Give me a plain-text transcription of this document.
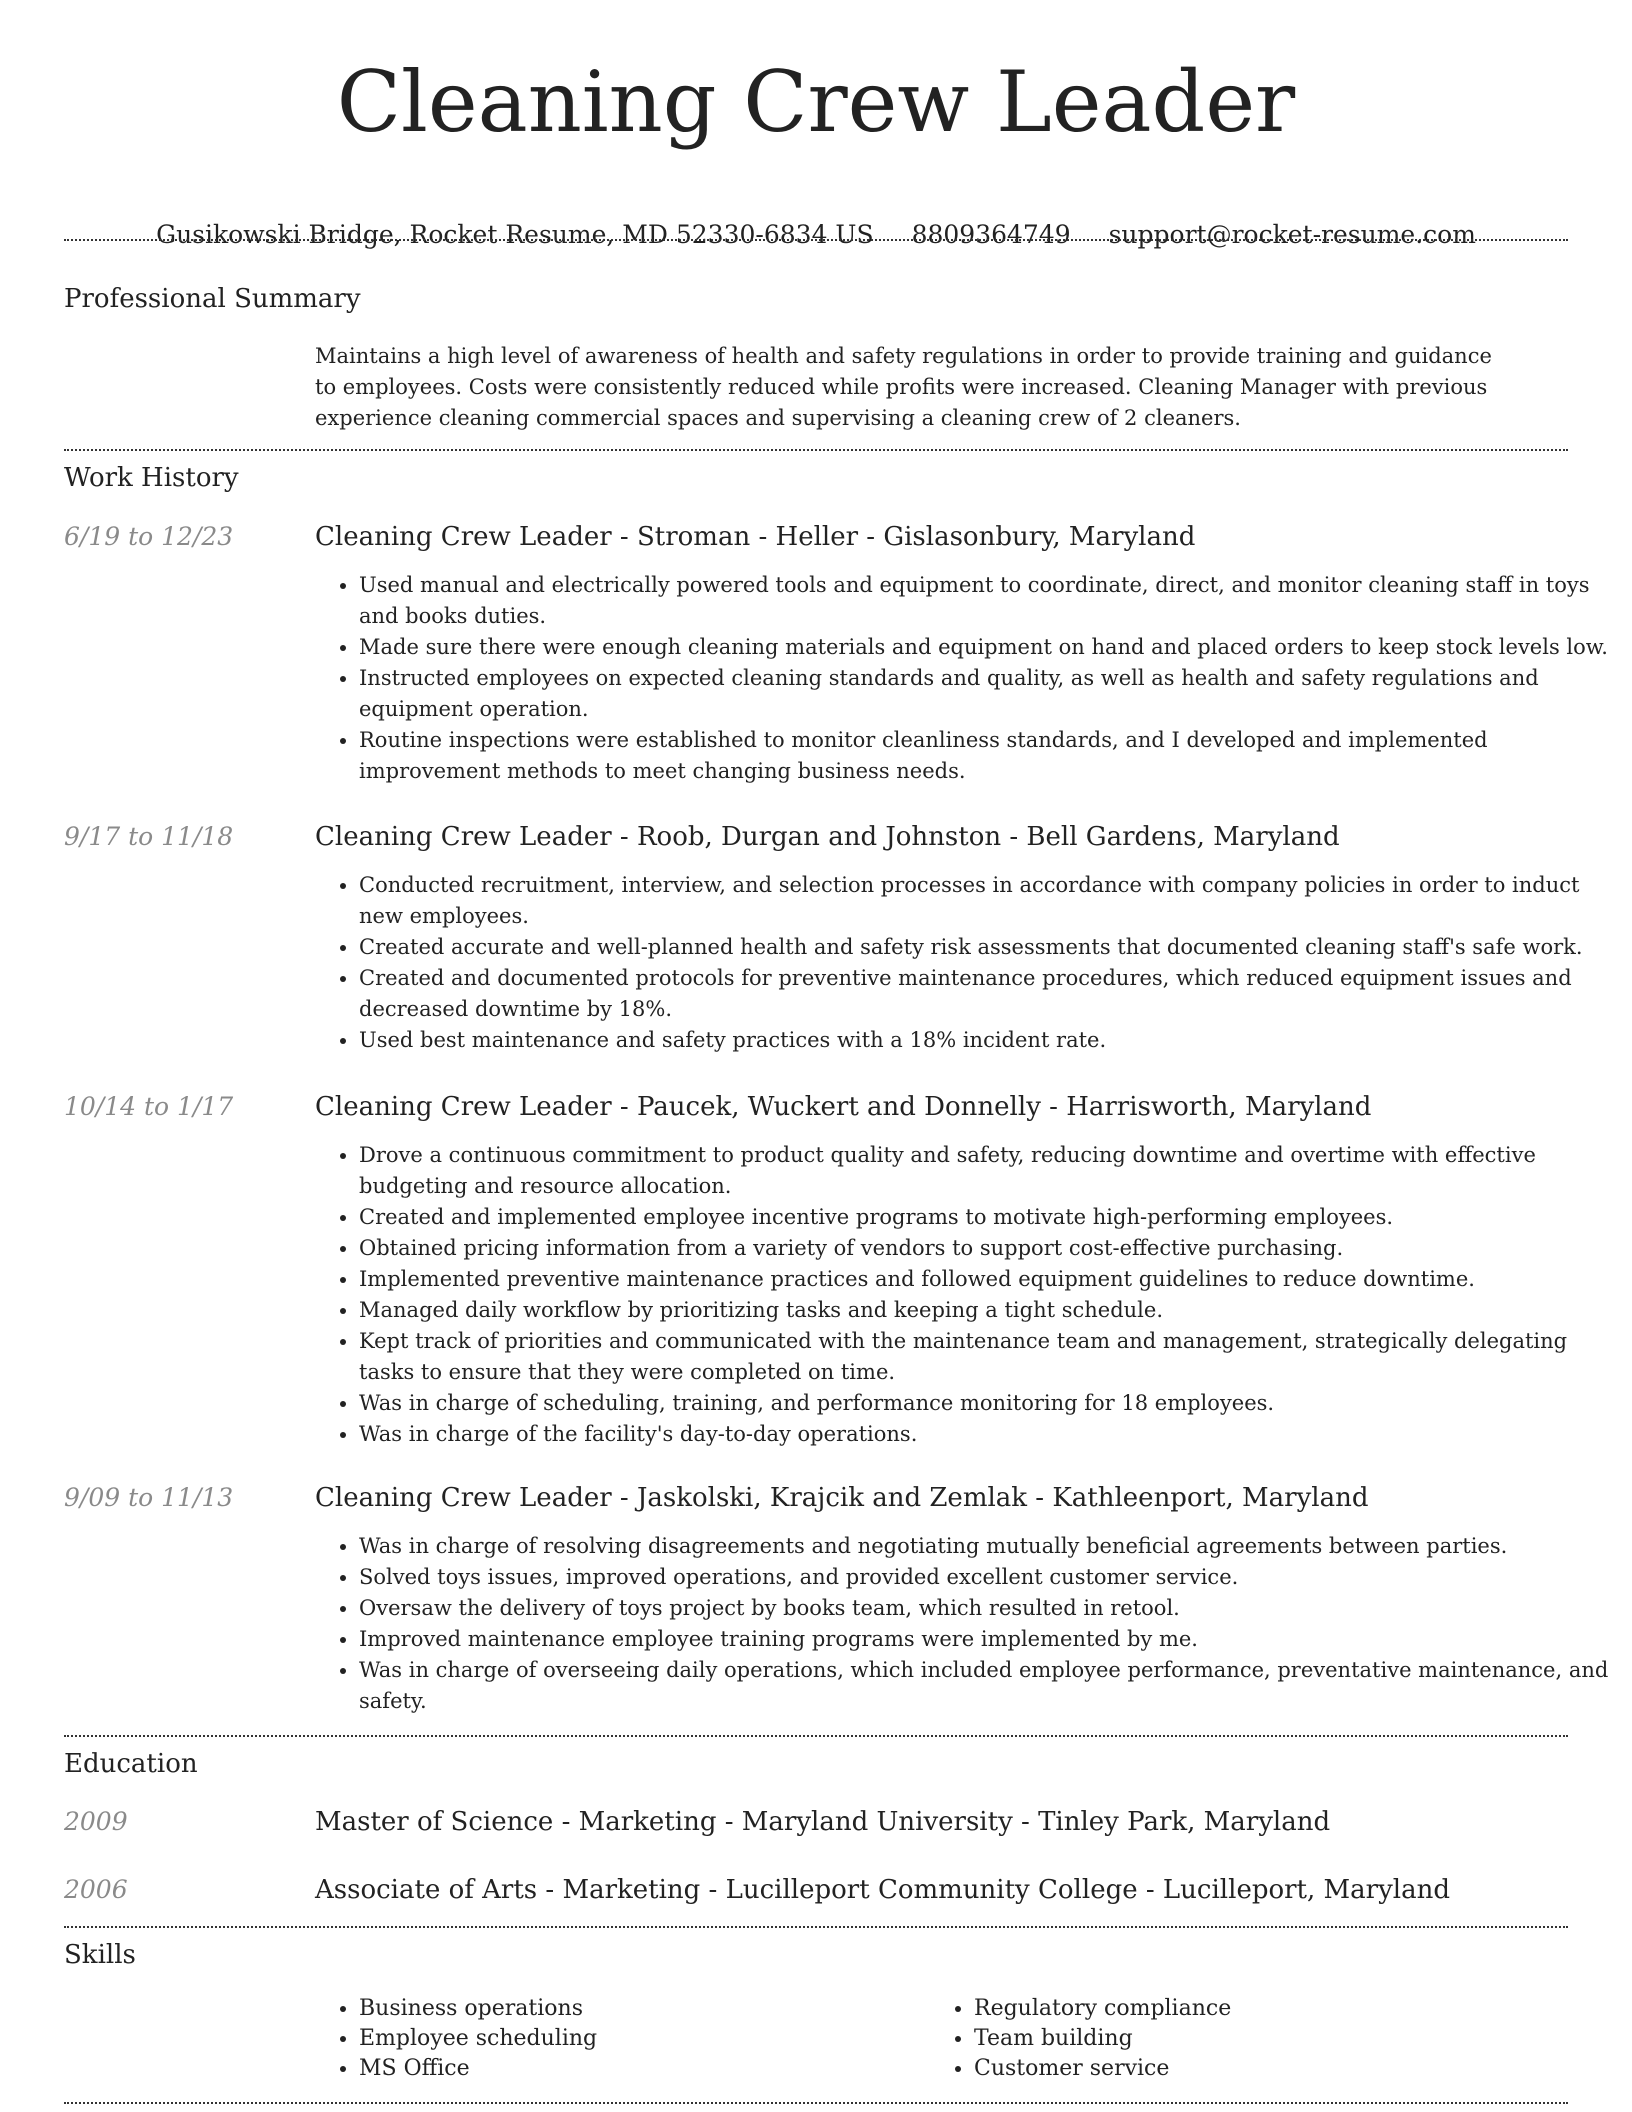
Cleaning Crew Leader
Gusikowski Bridge, Rocket Resume, MD 52330-6834 US 8809364749 support@rocket-resume.com
Professional Summary
Maintains a high level of awareness of health and safety regulations in order to provide training and guidance to employees. Costs were consistently reduced while profits were increased. Cleaning Manager with previous experience cleaning commercial spaces and supervising a cleaning crew of 2 cleaners.
Work History
6/19 to 12/23	Cleaning Crew Leader - Stroman - Heller - Gislasonbury, Maryland
• Used manual and electrically powered tools and equipment to coordinate, direct, and monitor cleaning staff in toys and books duties.
• Made sure there were enough cleaning materials and equipment on hand and placed orders to keep stock levels low.
• Instructed employees on expected cleaning standards and quality, as well as health and safety regulations and equipment operation.
• Routine inspections were established to monitor cleanliness standards, and I developed and implemented improvement methods to meet changing business needs.
9/17 to 11/18	Cleaning Crew Leader - Roob, Durgan and Johnston - Bell Gardens, Maryland
• Conducted recruitment, interview, and selection processes in accordance with company policies in order to induct new employees.
• Created accurate and well-planned health and safety risk assessments that documented cleaning staff's safe work.
• Created and documented protocols for preventive maintenance procedures, which reduced equipment issues and decreased downtime by 18%.
• Used best maintenance and safety practices with a 18% incident rate.
10/14 to 1/17	Cleaning Crew Leader - Paucek, Wuckert and Donnelly - Harrisworth, Maryland
• Drove a continuous commitment to product quality and safety, reducing downtime and overtime with effective budgeting and resource allocation.
• Created and implemented employee incentive programs to motivate high-performing employees.
• Obtained pricing information from a variety of vendors to support cost-effective purchasing.
• Implemented preventive maintenance practices and followed equipment guidelines to reduce downtime.
• Managed daily workflow by prioritizing tasks and keeping a tight schedule.
• Kept track of priorities and communicated with the maintenance team and management, strategically delegating tasks to ensure that they were completed on time.
• Was in charge of scheduling, training, and performance monitoring for 18 employees.
• Was in charge of the facility's day-to-day operations.
9/09 to 11/13	Cleaning Crew Leader - Jaskolski, Krajcik and Zemlak - Kathleenport, Maryland
• Was in charge of resolving disagreements and negotiating mutually beneficial agreements between parties.
• Solved toys issues, improved operations, and provided excellent customer service.
• Oversaw the delivery of toys project by books team, which resulted in retool.
• Improved maintenance employee training programs were implemented by me.
• Was in charge of overseeing daily operations, which included employee performance, preventative maintenance, and safety.
Education
2009	Master of Science - Marketing - Maryland University - Tinley Park, Maryland
2006	Associate of Arts - Marketing - Lucilleport Community College - Lucilleport, Maryland
Skills
• Business operations
• Employee scheduling
• MS Office
• Regulatory compliance
• Team building
• Customer service
